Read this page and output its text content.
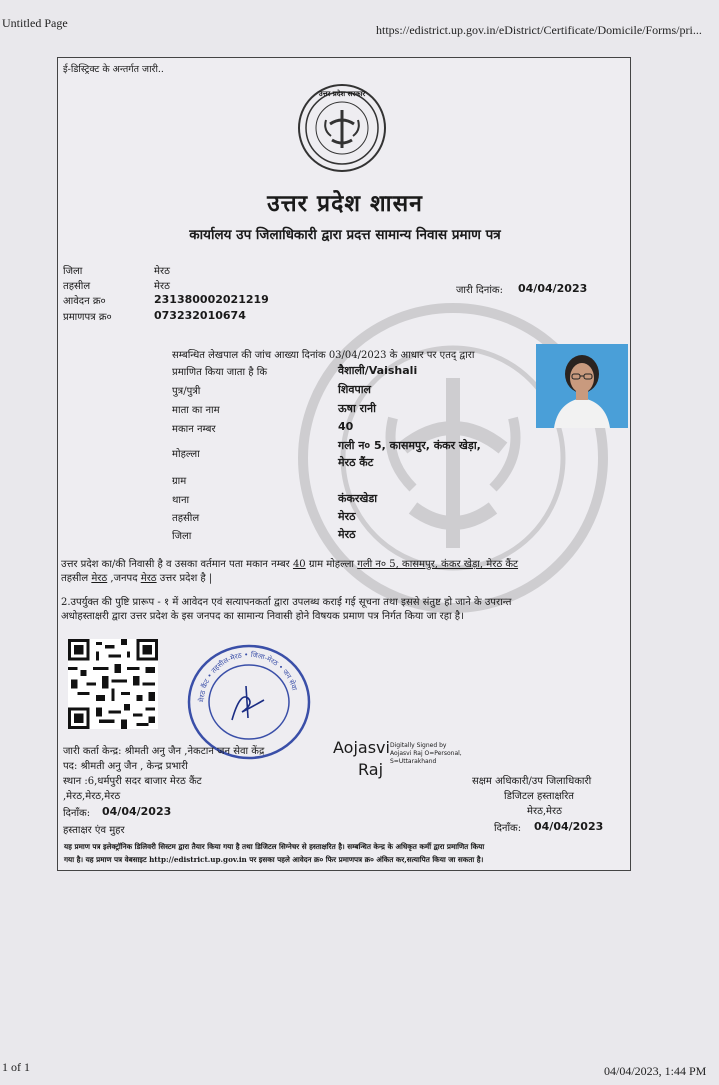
Untitled Page	https://edistrict.up.gov.in/eDistrict/Certificate/Domicile/Forms/pri...
1 of 1	04/04/2023, 1:44 PM
ई-डिस्ट्रिक्ट के अन्तर्गत जारी..
उत्तर प्रदेश सरकार
उत्तर प्रदेश शासन
कार्यालय उप जिलाधिकारी द्वारा प्रदत्त सामान्य निवास प्रमाण पत्र
जिला	मेरठ
तहसील	मेरठ
आवेदन क्र०	231380002021219
प्रमाणपत्र क्र०	073232010674
जारी दिनांक: 04/04/2023
सम्बन्धित लेखपाल की जांच आख्या दिनांक 03/04/2023 के आधार पर एतद् द्वारा
प्रमाणित किया जाता है कि	वैशाली/Vaishali
पुत्र/पुत्री	शिवपाल
माता का नाम	ऊषा रानी
मकान नम्बर	40
मोहल्ला
गली न० 5, कासमपुर, कंकर खेड़ा,
मेरठ कैंट
ग्राम
थाना	कंकरखेडा
तहसील	मेरठ
जिला	मेरठ
उत्तर प्रदेश का/की निवासी है व उसका वर्तमान पता मकान नम्बर 40 ग्राम मोहल्ला गली न० 5, कासमपुर, कंकर खेड़ा, मेरठ कैंट
तहसील मेरठ ,जनपद मेरठ उत्तर प्रदेश है |
2.उपर्युक्त की पुष्टि प्रारूप - १ में आवेदन एवं सत्यापनकर्ता द्वारा उपलब्ध कराई गई सूचना तथा इससे संतुष्ट हो जाने के उपरान्त
अधोहस्ताक्षरी द्वारा उत्तर प्रदेश के इस जनपद का सामान्य निवासी होने विषयक प्रमाण पत्र निर्गत किया जा रहा है।
मेरठ कैंट • तहसील-मेरठ • जिला-मेरठ • जन सेवा
Aojasvi
Raj
Digitally Signed by
Aojasvi Raj O=Personal,
S=Uttarakhand
जारी कर्ता केन्द्र: श्रीमती अनु जैन ,नेकटान जन सेवा केंद्र
पद: श्रीमती अनु जैन , केन्द्र प्रभारी
स्थान :6,धर्मपुरी सदर बाजार मेरठ कैंट
,मेरठ,मेरठ,मेरठ
दिनाँक: 04/04/2023
हस्ताक्षर एंव मुहर
सक्षम अधिकारी/उप जिलाधिकारी
डिजिटल हस्ताक्षरित
मेरठ,मेरठ
दिनाँक: 04/04/2023
यह प्रमाण पत्र इलेक्ट्रॉनिक डिलिवरी सिस्टम द्वारा तैयार किया गया है तथा डिजिटल सिग्नेचर से हस्ताक्षरित है। सम्बन्धित केन्द्र के अधिकृत कर्मी द्वारा प्रमाणित किया
गया है। यह प्रमाण पत्र वेबसाइट http://edistrict.up.gov.in पर इसका पहले आवेदन क्र० फिर प्रमाणपत्र क्र० अंकित कर,सत्यापित किया जा सकता है।
